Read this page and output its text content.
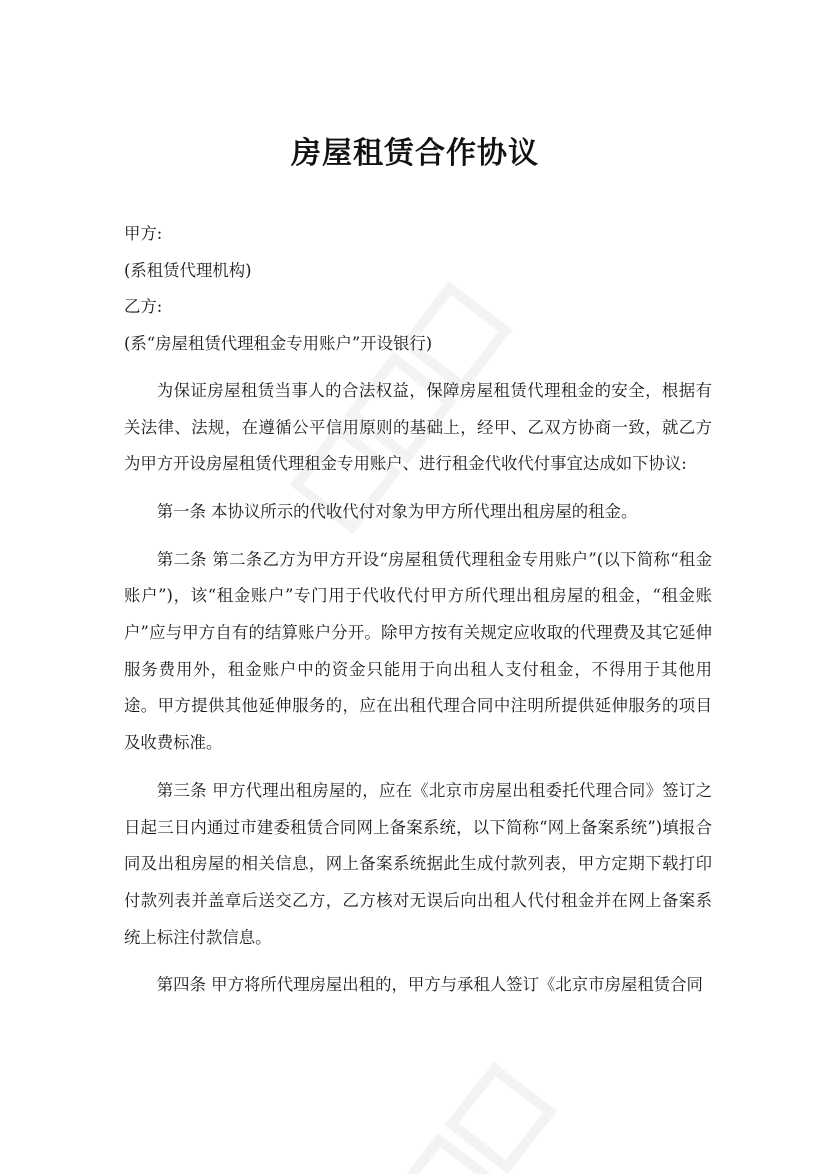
房屋租赁合作协议

甲方:

(系租赁代理机构)

乙方:

(系“房屋租赁代理租金专用账户”开设银行)

为保证房屋租赁当事人的合法权益，保障房屋租赁代理租金的安全，根据有关法律、法规，在遵循公平信用原则的基础上，经甲、乙双方协商一致，就乙方为甲方开设房屋租赁代理租金专用账户、进行租金代收代付事宜达成如下协议:

第一条 本协议所示的代收代付对象为甲方所代理出租房屋的租金。

第二条 第二条乙方为甲方开设“房屋租赁代理租金专用账户”(以下简称“租金账户”)，该“租金账户”专门用于代收代付甲方所代理出租房屋的租金，“租金账户”应与甲方自有的结算账户分开。除甲方按有关规定应收取的代理费及其它延伸服务费用外，租金账户中的资金只能用于向出租人支付租金，不得用于其他用途。甲方提供其他延伸服务的，应在出租代理合同中注明所提供延伸服务的项目及收费标准。

第三条 甲方代理出租房屋的，应在《北京市房屋出租委托代理合同》签订之日起三日内通过市建委租赁合同网上备案系统，以下简称“网上备案系统”)填报合同及出租房屋的相关信息，网上备案系统据此生成付款列表，甲方定期下载打印付款列表并盖章后送交乙方，乙方核对无误后向出租人代付租金并在网上备案系统上标注付款信息。

第四条 甲方将所代理房屋出租的，甲方与承租人签订《北京市房屋租赁合同
